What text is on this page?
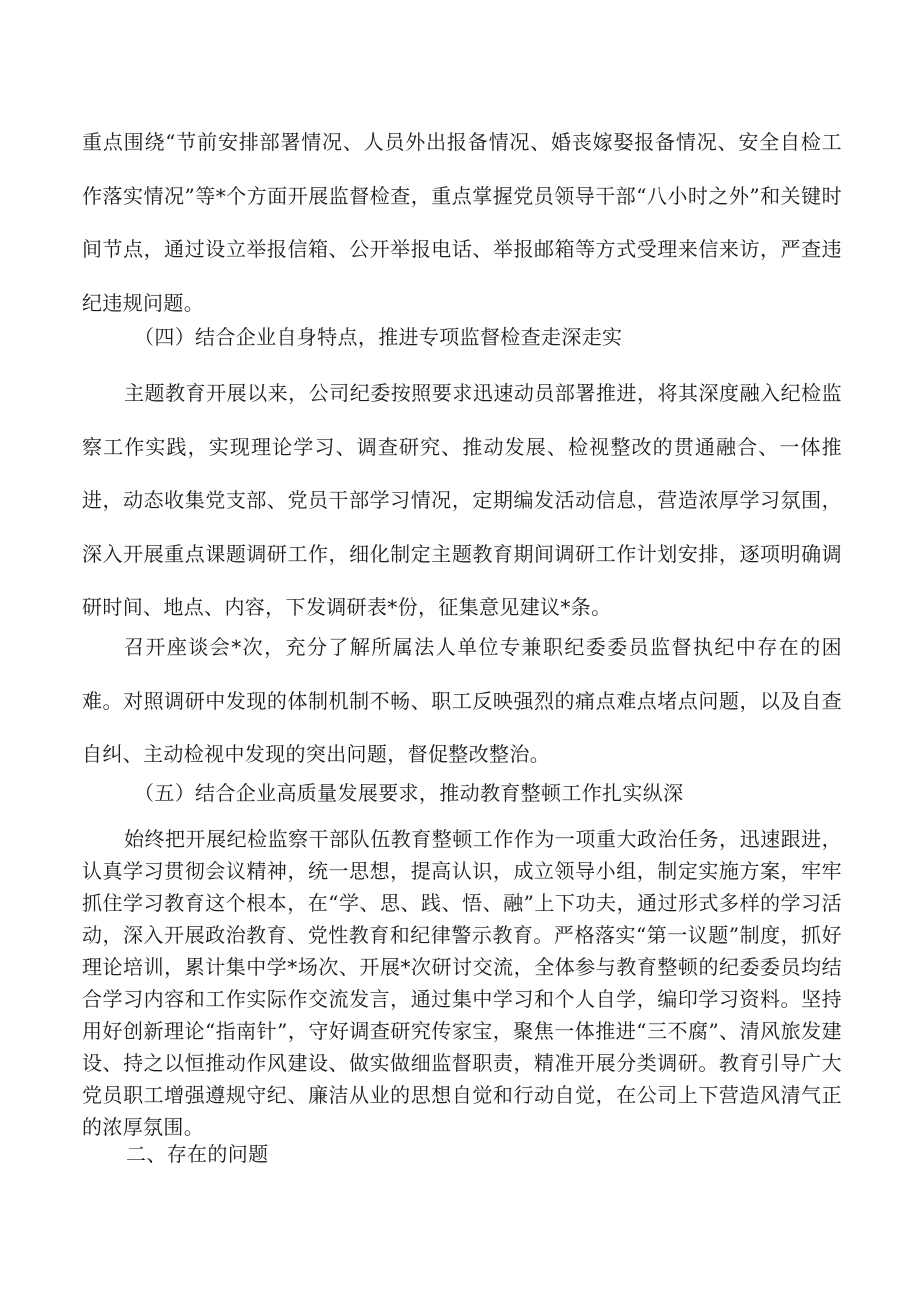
重点围绕“节前安排部署情况、人员外出报备情况、婚丧嫁娶报备情况、安全自检工作落实情况”等*个方面开展监督检查，重点掌握党员领导干部“八小时之外”和关键时间节点，通过设立举报信箱、公开举报电话、举报邮箱等方式受理来信来访，严查违纪违规问题。

（四）结合企业自身特点，推进专项监督检查走深走实

主题教育开展以来，公司纪委按照要求迅速动员部署推进，将其深度融入纪检监察工作实践，实现理论学习、调查研究、推动发展、检视整改的贯通融合、一体推进，动态收集党支部、党员干部学习情况，定期编发活动信息，营造浓厚学习氛围，深入开展重点课题调研工作，细化制定主题教育期间调研工作计划安排，逐项明确调研时间、地点、内容，下发调研表*份，征集意见建议*条。

召开座谈会*次，充分了解所属法人单位专兼职纪委委员监督执纪中存在的困难。对照调研中发现的体制机制不畅、职工反映强烈的痛点难点堵点问题，以及自查自纠、主动检视中发现的突出问题，督促整改整治。

（五）结合企业高质量发展要求，推动教育整顿工作扎实纵深

始终把开展纪检监察干部队伍教育整顿工作作为一项重大政治任务，迅速跟进，认真学习贯彻会议精神，统一思想，提高认识，成立领导小组，制定实施方案，牢牢抓住学习教育这个根本，在“学、思、践、悟、融”上下功夫，通过形式多样的学习活动，深入开展政治教育、党性教育和纪律警示教育。严格落实“第一议题”制度，抓好理论培训，累计集中学*场次、开展*次研讨交流，全体参与教育整顿的纪委委员均结合学习内容和工作实际作交流发言，通过集中学习和个人自学，编印学习资料。坚持用好创新理论“指南针”，守好调查研究传家宝，聚焦一体推进“三不腐”、清风旅发建设、持之以恒推动作风建设、做实做细监督职责，精准开展分类调研。教育引导广大党员职工增强遵规守纪、廉洁从业的思想自觉和行动自觉，在公司上下营造风清气正的浓厚氛围。

二、存在的问题
